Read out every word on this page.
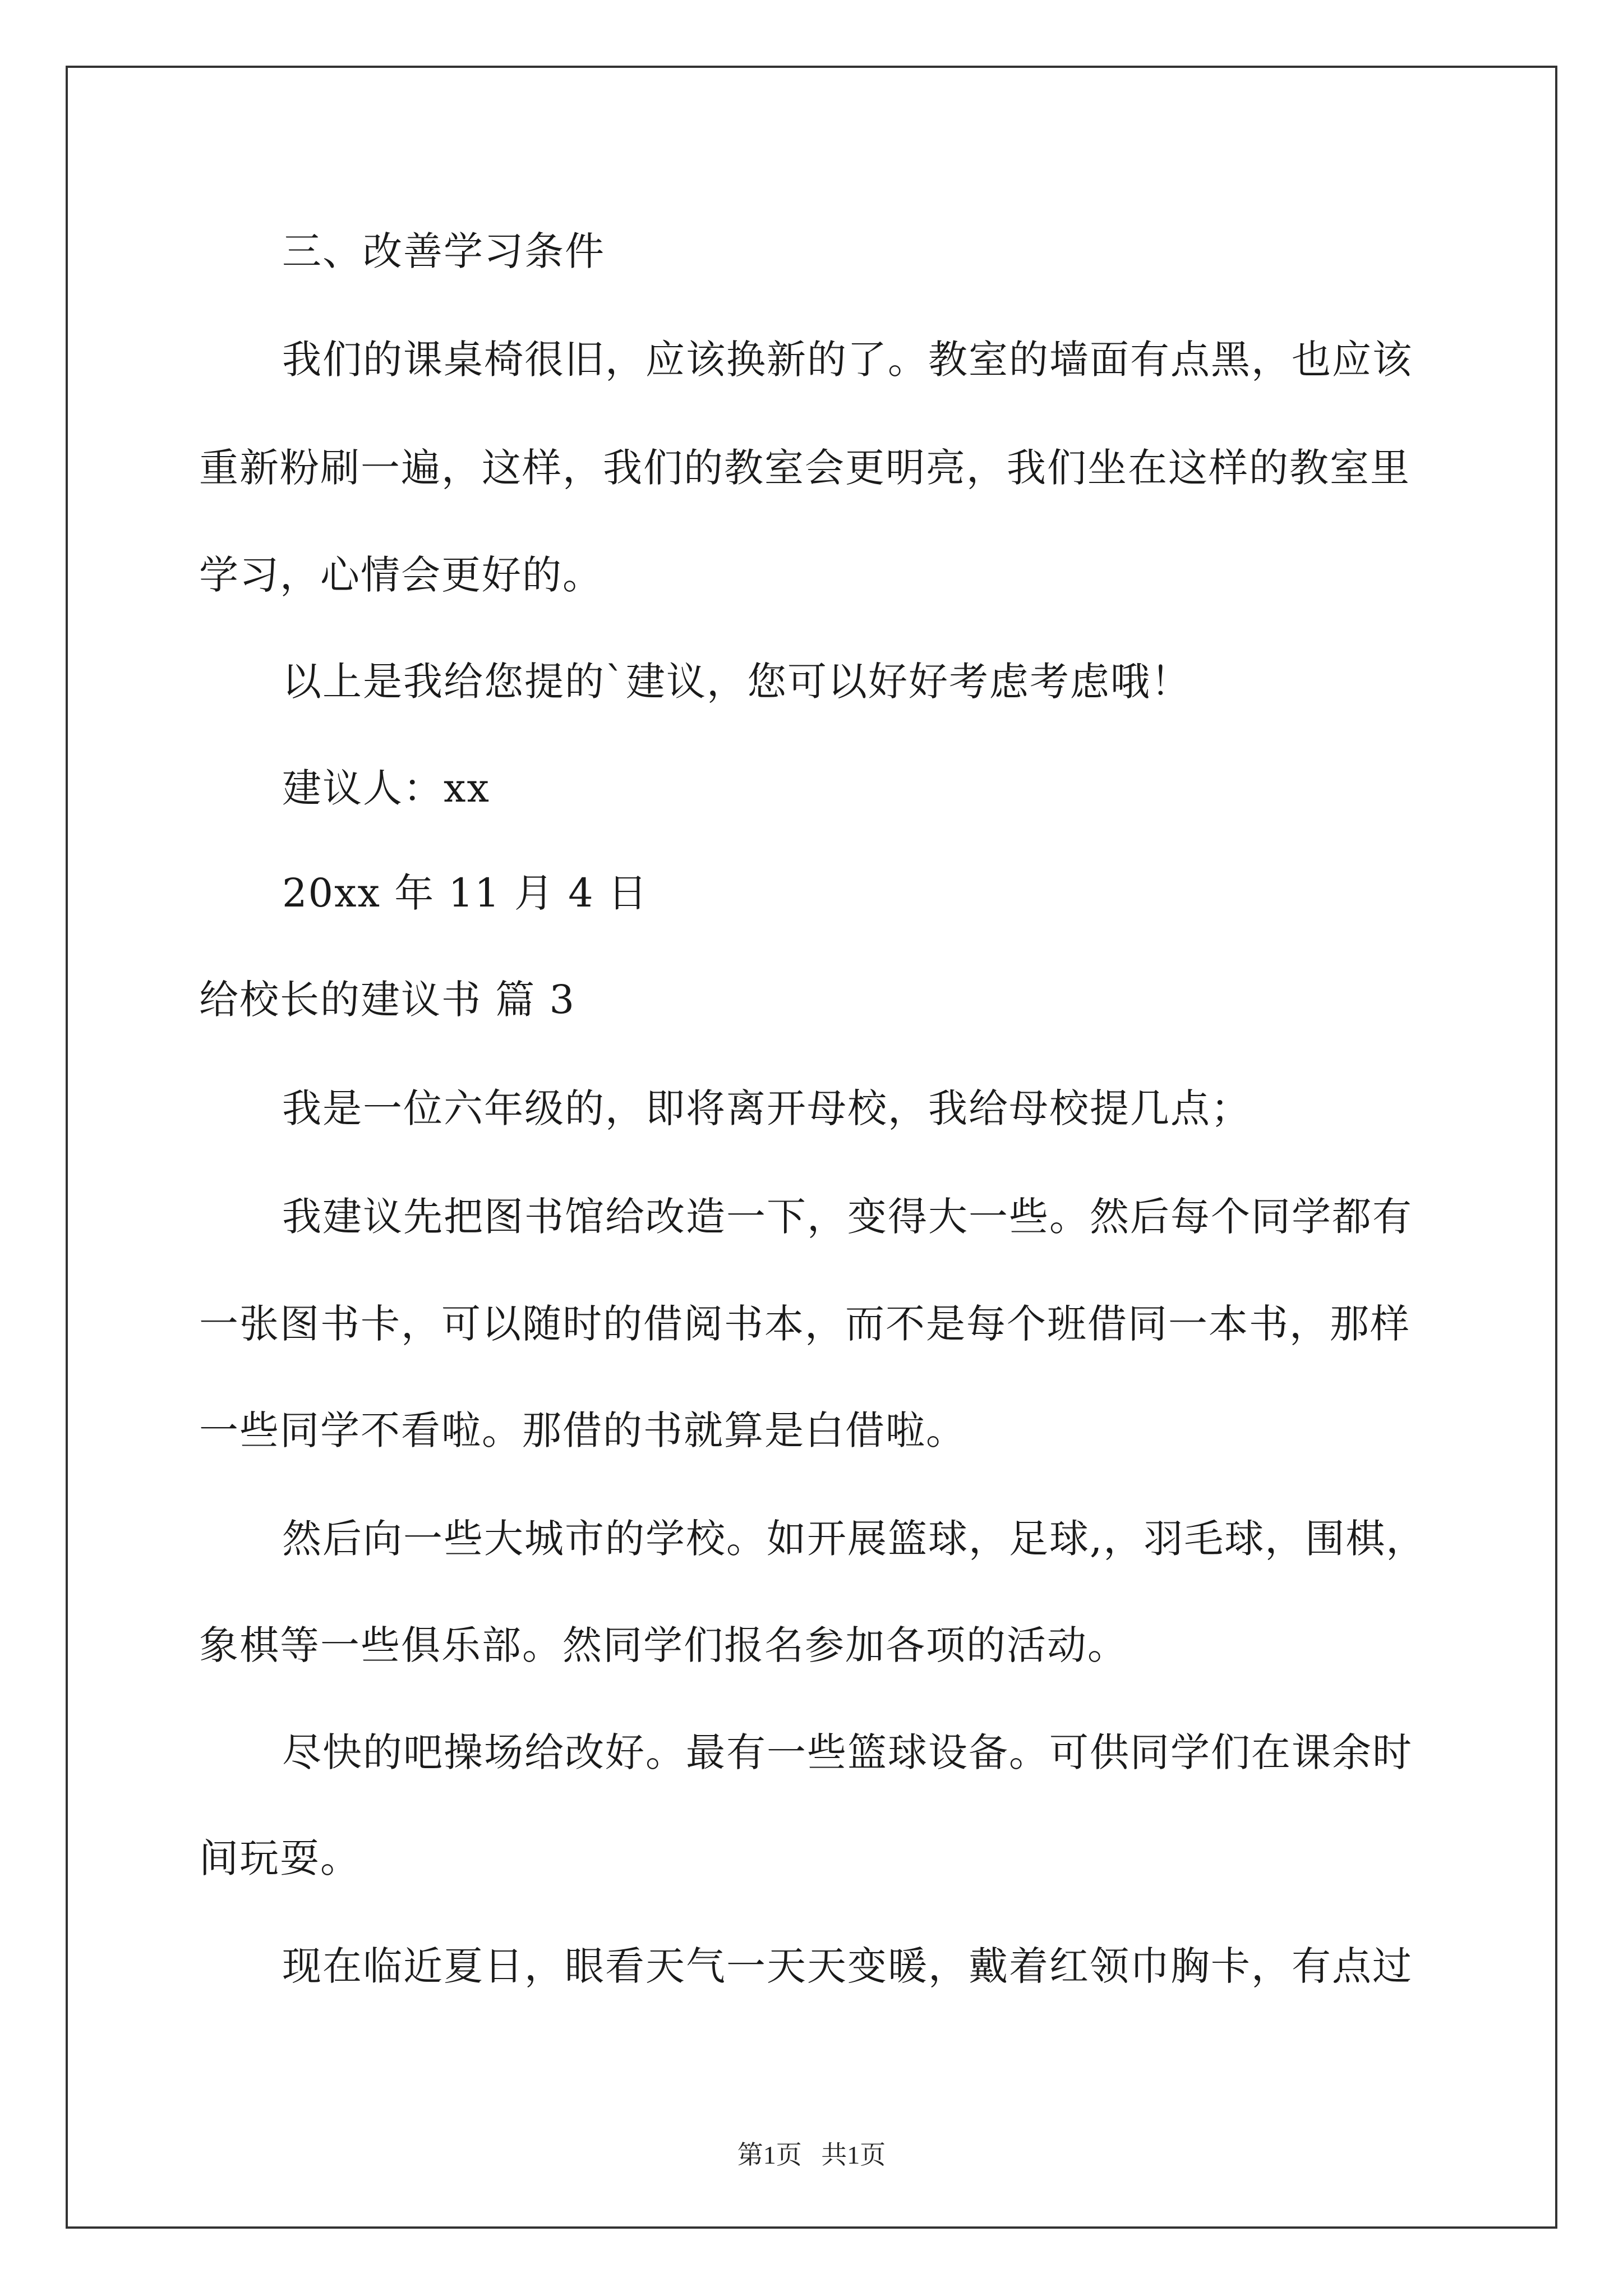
三、改善学习条件
我们的课桌椅很旧，应该换新的了。教室的墙面有点黑，也应该
重新粉刷一遍，这样，我们的教室会更明亮，我们坐在这样的教室里
学习，心情会更好的。
以上是我给您提的`建议，您可以好好考虑考虑哦！
建议人：xx
20xx 年 11 月 4 日
给校长的建议书 篇 3
我是一位六年级的，即将离开母校，我给母校提几点；
我建议先把图书馆给改造一下，变得大一些。然后每个同学都有
一张图书卡，可以随时的借阅书本，而不是每个班借同一本书，那样
一些同学不看啦。那借的书就算是白借啦。
然后向一些大城市的学校。如开展篮球，足球,，羽毛球，围棋，
象棋等一些俱乐部。然同学们报名参加各项的活动。
尽快的吧操场给改好。最有一些篮球设备。可供同学们在课余时
间玩耍。
现在临近夏日，眼看天气一天天变暖，戴着红领巾胸卡，有点过
第1页   共1页
